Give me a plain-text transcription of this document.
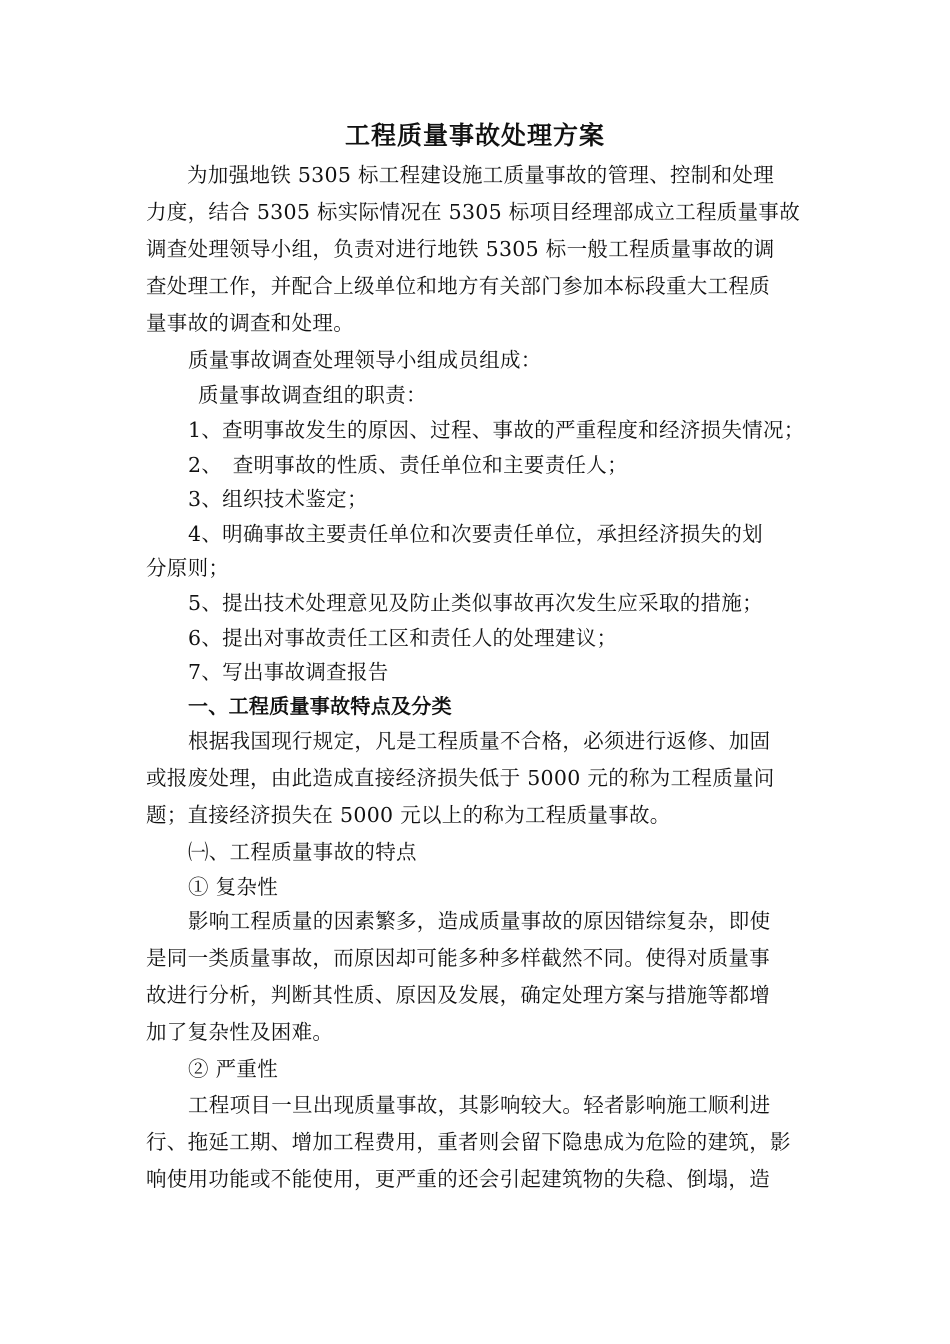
工程质量事故处理方案
为加强地铁 5305 标工程建设施工质量事故的管理、控制和处理
力度，结合 5305 标实际情况在 5305 标项目经理部成立工程质量事故
调查处理领导小组，负责对进行地铁 5305 标一般工程质量事故的调
查处理工作，并配合上级单位和地方有关部门参加本标段重大工程质
量事故的调查和处理。
质量事故调查处理领导小组成员组成：
质量事故调查组的职责：
1、查明事故发生的原因、过程、事故的严重程度和经济损失情况；
2、　查明事故的性质、责任单位和主要责任人；
3、组织技术鉴定；
4、明确事故主要责任单位和次要责任单位，承担经济损失的划
分原则；
5、提出技术处理意见及防止类似事故再次发生应采取的措施；
6、提出对事故责任工区和责任人的处理建议；
7、写出事故调查报告
一、工程质量事故特点及分类
根据我国现行规定，凡是工程质量不合格，必须进行返修、加固
或报废处理，由此造成直接经济损失低于 5000 元的称为工程质量问
题；直接经济损失在 5000 元以上的称为工程质量事故。
㈠、工程质量事故的特点
① 复杂性
影响工程质量的因素繁多，造成质量事故的原因错综复杂，即使
是同一类质量事故，而原因却可能多种多样截然不同。使得对质量事
故进行分析，判断其性质、原因及发展，确定处理方案与措施等都增
加了复杂性及困难。
② 严重性
工程项目一旦出现质量事故，其影响较大。轻者影响施工顺利进
行、拖延工期、增加工程费用，重者则会留下隐患成为危险的建筑，影
响使用功能或不能使用，更严重的还会引起建筑物的失稳、倒塌，造
